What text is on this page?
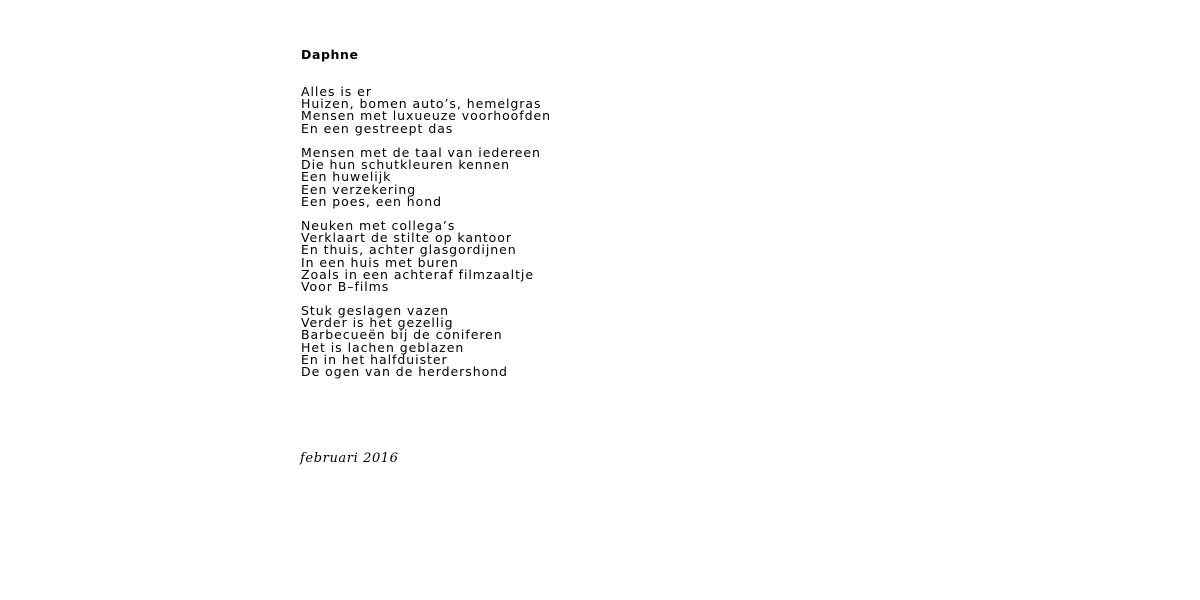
Daphne
Alles is er
Huizen, bomen auto’s, hemelgras
Mensen met luxueuze voorhoofden
En een gestreept das
Mensen met de taal van iedereen
Die hun schutkleuren kennen
Een huwelijk
Een verzekering
Een poes, een hond
Neuken met collega’s
Verklaart de stilte op kantoor
En thuis, achter glasgordijnen
In een huis met buren
Zoals in een achteraf filmzaaltje
Voor B–films
Stuk geslagen vazen
Verder is het gezellig
Barbecueën bij de coniferen
Het is lachen geblazen
En in het halfduister
De ogen van de herdershond

februari 2016
